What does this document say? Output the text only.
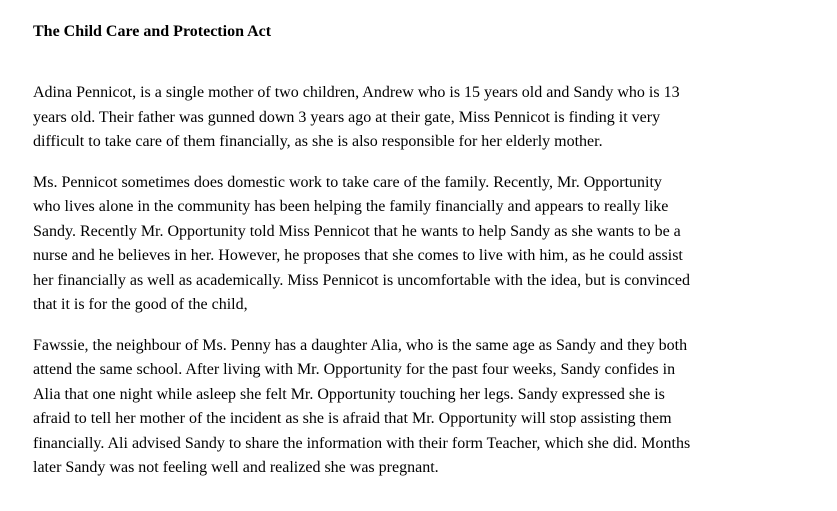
The Child Care and Protection Act

Adina Pennicot, is a single mother of two children, Andrew who is 15 years old and Sandy who is 13
years old. Their father was gunned down 3 years ago at their gate, Miss Pennicot is finding it very
difficult to take care of them financially, as she is also responsible for her elderly mother.

Ms. Pennicot sometimes does domestic work to take care of the family. Recently, Mr. Opportunity
who lives alone in the community has been helping the family financially and appears to really like
Sandy. Recently Mr. Opportunity told Miss Pennicot that he wants to help Sandy as she wants to be a
nurse and he believes in her. However, he proposes that she comes to live with him, as he could assist
her financially as well as academically. Miss Pennicot is uncomfortable with the idea, but is convinced
that it is for the good of the child,

Fawssie, the neighbour of Ms. Penny has a daughter Alia, who is the same age as Sandy and they both
attend the same school. After living with Mr. Opportunity for the past four weeks, Sandy confides in
Alia that one night while asleep she felt Mr. Opportunity touching her legs. Sandy expressed she is
afraid to tell her mother of the incident as she is afraid that Mr. Opportunity will stop assisting them
financially. Ali advised Sandy to share the information with their form Teacher, which she did. Months
later Sandy was not feeling well and realized she was pregnant.
